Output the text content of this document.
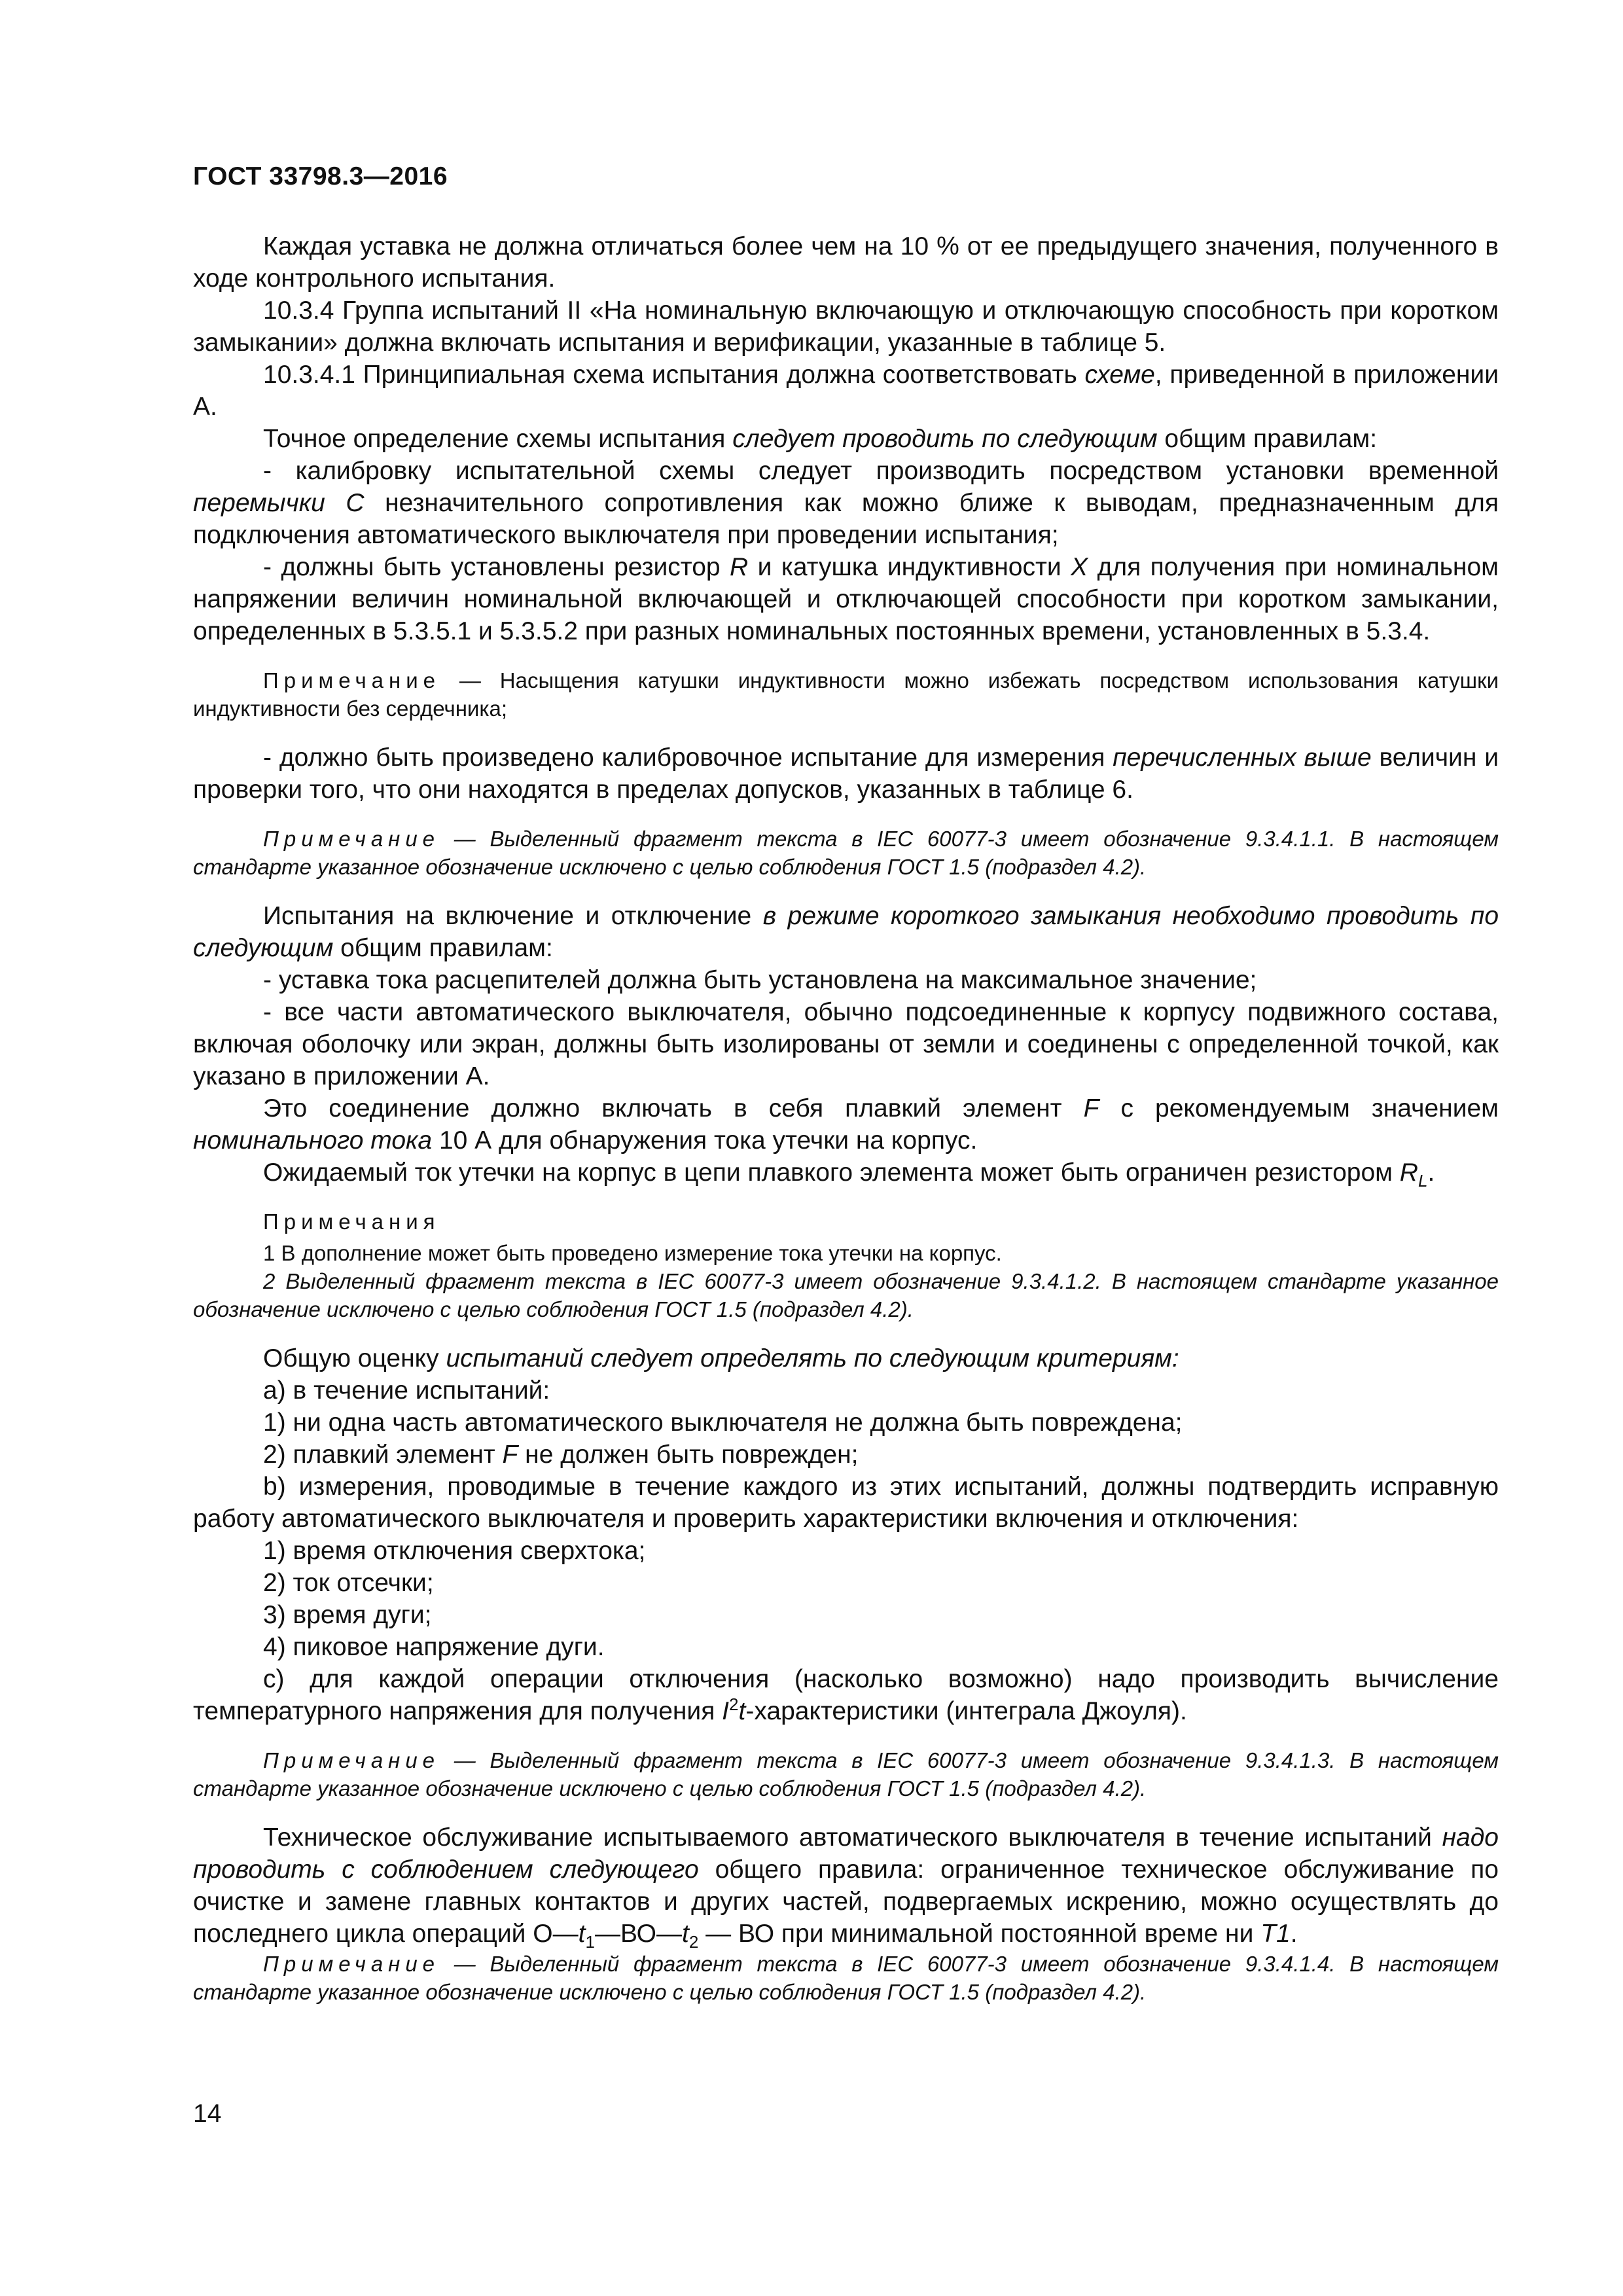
ГОСТ 33798.3—2016

Каждая уставка не должна отличаться более чем на 10 % от ее предыдущего значения, полученного в ходе контрольного испытания.

10.3.4 Группа испытаний II «На номинальную включающую и отключающую способность при коротком замыкании» должна включать испытания и верификации, указанные в таблице 5.

10.3.4.1 Принципиальная схема испытания должна соответствовать схеме, приведенной в приложении А.

Точное определение схемы испытания следует проводить по следующим общим правилам:

- калибровку испытательной схемы следует производить посредством установки временной перемычки С незначительного сопротивления как можно ближе к выводам, предназначенным для подключения автоматического выключателя при проведении испытания;

- должны быть установлены резистор R и катушка индуктивности X для получения при номинальном напряжении величин номинальной включающей и отключающей способности при коротком замыкании, определенных в 5.3.5.1 и 5.3.5.2 при разных номинальных постоянных времени, установленных в 5.3.4.

Примечание — Насыщения катушки индуктивности можно избежать посредством использования катушки индуктивности без сердечника;

- должно быть произведено калибровочное испытание для измерения перечисленных выше величин и проверки того, что они находятся в пределах допусков, указанных в таблице 6.

Примечание — Выделенный фрагмент текста в IEC 60077-3 имеет обозначение 9.3.4.1.1. В настоящем стандарте указанное обозначение исключено с целью соблюдения ГОСТ 1.5 (подраздел 4.2).

Испытания на включение и отключение в режиме короткого замыкания необходимо проводить по следующим общим правилам:

- уставка тока расцепителей должна быть установлена на максимальное значение;

- все части автоматического выключателя, обычно подсоединенные к корпусу подвижного состава, включая оболочку или экран, должны быть изолированы от земли и соединены с определенной точкой, как указано в приложении А.

Это соединение должно включать в себя плавкий элемент F с рекомендуемым значением номинального тока 10 А для обнаружения тока утечки на корпус.

Ожидаемый ток утечки на корпус в цепи плавкого элемента может быть ограничен резистором $R_L$.

Примечания

1 В дополнение может быть проведено измерение тока утечки на корпус.

2 Выделенный фрагмент текста в IEC 60077-3 имеет обозначение 9.3.4.1.2. В настоящем стандарте указанное обозначение исключено с целью соблюдения ГОСТ 1.5 (подраздел 4.2).

Общую оценку испытаний следует определять по следующим критериям:

а) в течение испытаний:

1) ни одна часть автоматического выключателя не должна быть повреждена;

2) плавкий элемент F не должен быть поврежден;

b) измерения, проводимые в течение каждого из этих испытаний, должны подтвердить исправную работу автоматического выключателя и проверить характеристики включения и отключения:

1) время отключения сверхтока;

2) ток отсечки;

3) время дуги;

4) пиковое напряжение дуги.

с) для каждой операции отключения (насколько возможно) надо производить вычисление температурного напряжения для получения $I^2t$-характеристики (интеграла Джоуля).

Примечание — Выделенный фрагмент текста в IEC 60077-3 имеет обозначение 9.3.4.1.3. В настоящем стандарте указанное обозначение исключено с целью соблюдения ГОСТ 1.5 (подраздел 4.2).

Техническое обслуживание испытываемого автоматического выключателя в течение испытаний надо проводить с соблюдением следующего общего правила: ограниченное техническое обслуживание по очистке и замене главных контактов и других частей, подвергаемых искрению, можно осуществлять до последнего цикла операций $О—t_1—ВО—t_2$ — ВО при минимальной постоянной време ни T1.

Примечание — Выделенный фрагмент текста в IEC 60077-3 имеет обозначение 9.3.4.1.4. В настоящем стандарте указанное обозначение исключено с целью соблюдения ГОСТ 1.5 (подраздел 4.2).

14
